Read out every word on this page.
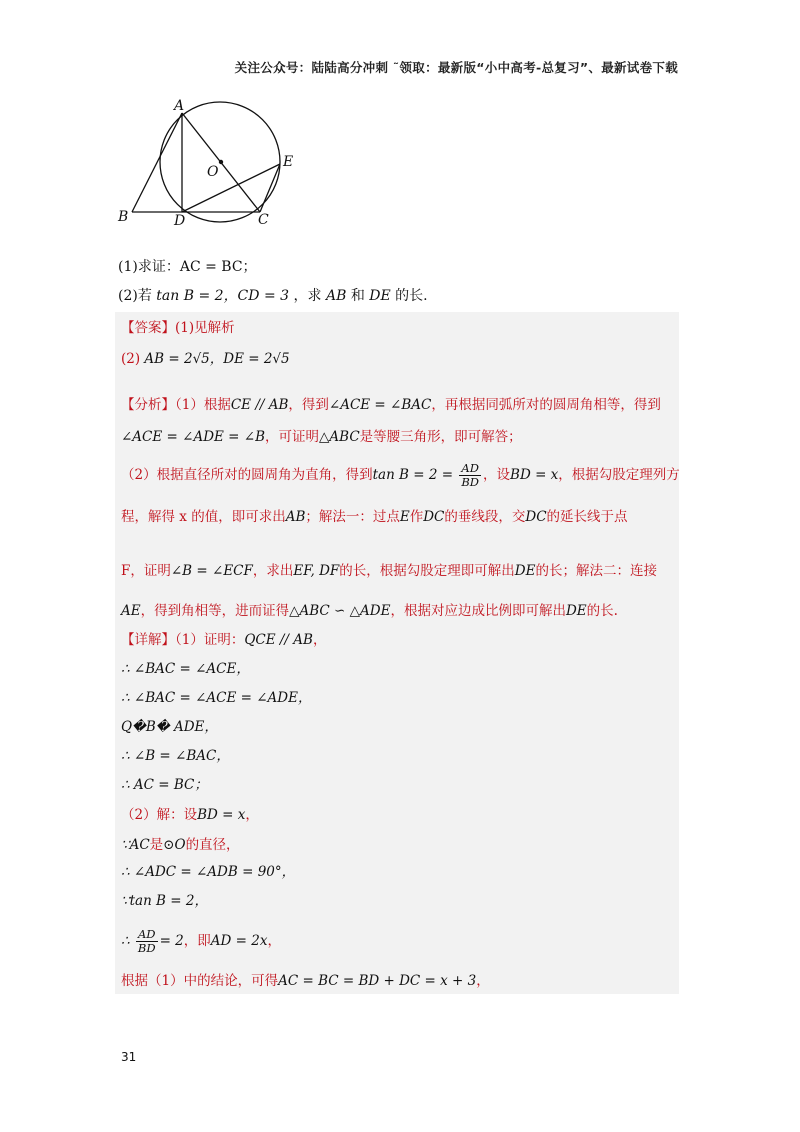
关注公众号：陆陆高分冲刺 ˜领取：最新版“小中高考-总复习”、最新试卷下载
A
O
E
B	D	C
(1)求证：AC = BC；
(2)若 tan B = 2，CD = 3 ，求 AB 和 DE 的长.
【答案】(1)见解析
(2) AB = 2√5，DE = 2√5
【分析】（1）根据CE // AB，得到∠ACE = ∠BAC，再根据同弧所对的圆周角相等，得到
∠ACE = ∠ADE = ∠B，可证明△ABC是等腰三角形，即可解答；
（2）根据直径所对的圆周角为直角，得到$\tan B = 2 = \frac{AD}{BD}$ ，设BD = x，根据勾股定理列方
程，解得 x 的值，即可求出AB；解法一：过点E作DC的垂线段，交DC的延长线于点
F，证明∠B = ∠ECF，求出EF, DF的长，根据勾股定理即可解出DE的长；解法二：连接
AE，得到角相等，进而证得△ABC ∽ △ADE，根据对应边成比例即可解出DE的长.
【详解】（1）证明：QCE // AB，
∴ ∠BAC = ∠ACE，
∴ ∠BAC = ∠ACE = ∠ADE，
Q�B� ADE，
∴ ∠B = ∠BAC，
∴ AC = BC；
（2）解：设BD = x，
∵AC是⊙O的直径，
∴ ∠ADC = ∠ADB = 90°，
∵tan B = 2，
∴ $\frac{AD}{BD} = 2$，即AD = 2x，
根据（1）中的结论，可得AC = BC = BD + DC = x + 3，
31
